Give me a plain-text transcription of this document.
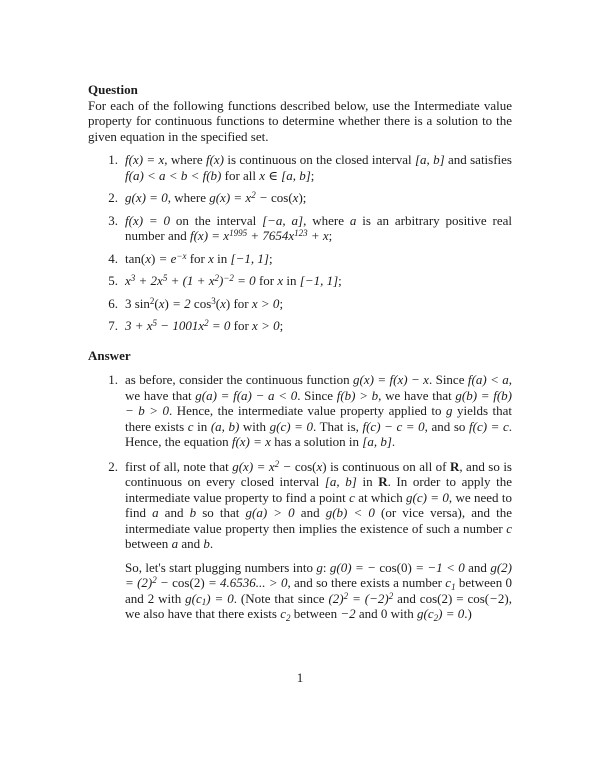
Question

For each of the following functions described below, use the Intermediate value property for continuous functions to determine whether there is a solution to the given equation in the specified set.

1. f(x) = x, where f(x) is continuous on the closed interval [a, b] and satisfies f(a) < a < b < f(b) for all x ∈ [a, b];
2. g(x) = 0, where $g(x) = x^2 - \cos(x)$;
3. f(x) = 0 on the interval [−a, a], where a is an arbitrary positive real number and $f(x) = x^{1995} + 7654x^{123} + x$;
4. $\tan(x) = e^{-x}$ for x in [−1, 1];
5. $x^3 + 2x^5 + (1 + x^2)^{-2} = 0$ for x in [−1, 1];
6. 3 $\sin^2(x) = 2$ $\cos^3(x)$ for x > 0;
7. $3 + x^5 - 1001x^2 = 0$ for x > 0;
Answer
1. as before, consider the continuous function g(x) = f(x) − x. Since f(a) < a, we have that g(a) = f(a) − a < 0. Since f(b) > b, we have that g(b) = f(b) − b > 0. Hence, the intermediate value property applied to g yields that there exists c in (a, b) with g(c) = 0. That is, f(c) − c = 0, and so f(c) = c. Hence, the equation f(x) = x has a solution in [a, b].

2. first of all, note that $g(x) = x^2 - \cos(x)$ is continuous on all of R, and so is continuous on every closed interval [a, b] in R. In order to apply the intermediate value property to find a point c at which g(c) = 0, we need to find a and b so that g(a) > 0 and g(b) < 0 (or vice versa), and the intermediate value property then implies the existence of such a number c between a and b.

So, let's start plugging numbers into g: g(0) = − cos(0) = −1 < 0 and $g(2) = (2)^2 - \cos(2) = 4.6536$... > 0, and so there exists a number $c_1$ between 0 and 2 with $g(c_1) = 0$. (Note that since $(2)^2 = (-2)^2$ and cos(2) = cos(−2), we also have that there exists $c_2$ between −2 and 0 with $g(c_2) = 0$.)

1
